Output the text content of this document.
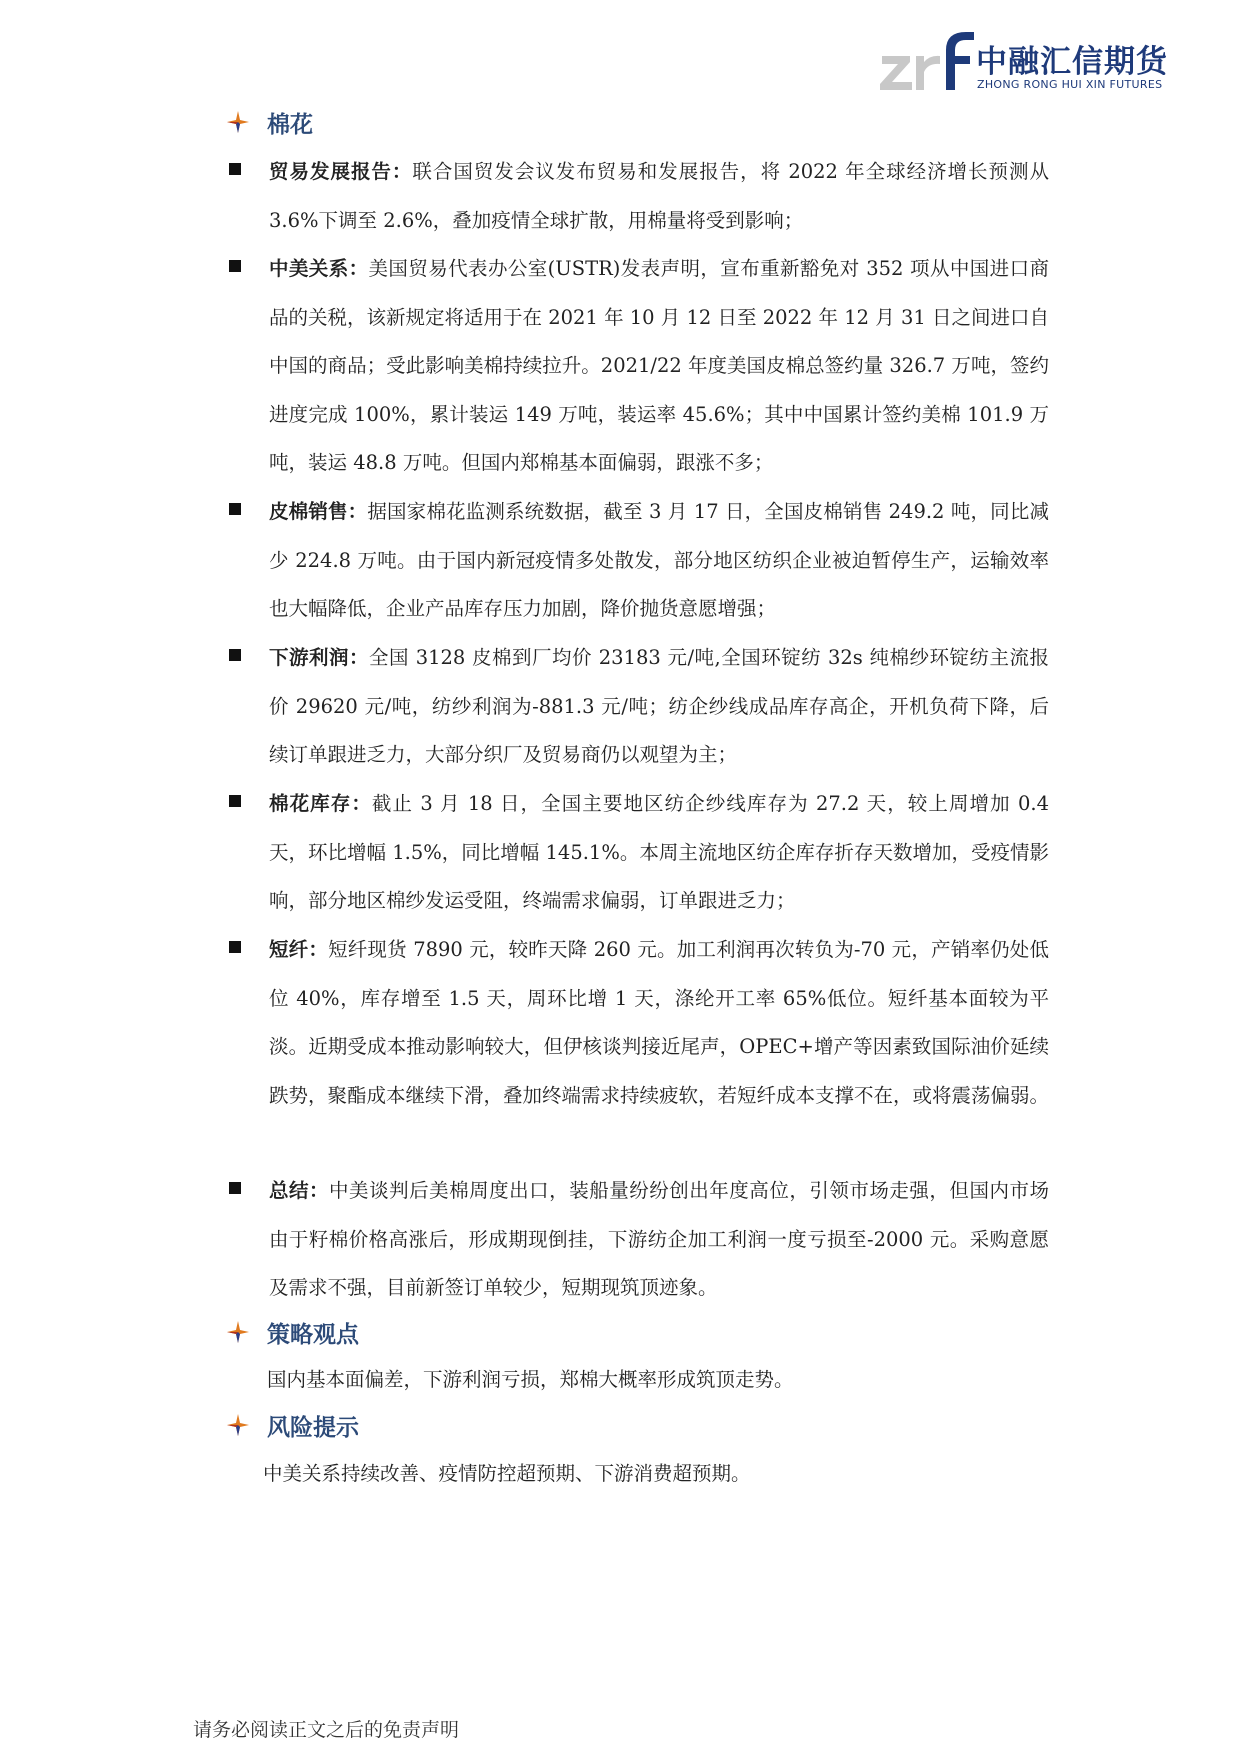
中融汇信期货
ZHONG RONG HUI XIN FUTURES
棉花
贸易发展报告：联合国贸发会议发布贸易和发展报告，将 2022 年全球经济增长预测从 3.6%下调至 2.6%，叠加疫情全球扩散，用棉量将受到影响；
中美关系：美国贸易代表办公室(USTR)发表声明，宣布重新豁免对 352 项从中国进口商品的关税，该新规定将适用于在 2021 年 10 月 12 日至 2022 年 12 月 31 日之间进口自中国的商品；受此影响美棉持续拉升。2021/22 年度美国皮棉总签约量 326.7 万吨，签约进度完成 100%，累计装运 149 万吨，装运率 45.6%；其中中国累计签约美棉 101.9 万吨，装运 48.8 万吨。但国内郑棉基本面偏弱，跟涨不多；
皮棉销售：据国家棉花监测系统数据，截至 3 月 17 日，全国皮棉销售 249.2 吨，同比减少 224.8 万吨。由于国内新冠疫情多处散发，部分地区纺织企业被迫暂停生产，运输效率也大幅降低，企业产品库存压力加剧，降价抛货意愿增强；
下游利润：全国 3128 皮棉到厂均价 23183 元/吨,全国环锭纺 32s 纯棉纱环锭纺主流报价 29620 元/吨，纺纱利润为-881.3 元/吨；纺企纱线成品库存高企，开机负荷下降，后续订单跟进乏力，大部分织厂及贸易商仍以观望为主；
棉花库存：截止 3 月 18 日，全国主要地区纺企纱线库存为 27.2 天，较上周增加 0.4 天，环比增幅 1.5%，同比增幅 145.1%。本周主流地区纺企库存折存天数增加，受疫情影响，部分地区棉纱发运受阻，终端需求偏弱，订单跟进乏力；
短纤：短纤现货 7890 元，较昨天降 260 元。加工利润再次转负为-70 元，产销率仍处低位 40%，库存增至 1.5 天，周环比增 1 天，涤纶开工率 65%低位。短纤基本面较为平淡。近期受成本推动影响较大，但伊核谈判接近尾声，OPEC+增产等因素致国际油价延续跌势，聚酯成本继续下滑，叠加终端需求持续疲软，若短纤成本支撑不在，或将震荡偏弱。
总结：中美谈判后美棉周度出口，装船量纷纷创出年度高位，引领市场走强，但国内市场由于籽棉价格高涨后，形成期现倒挂，下游纺企加工利润一度亏损至-2000 元。采购意愿及需求不强，目前新签订单较少，短期现筑顶迹象。
策略观点
国内基本面偏差，下游利润亏损，郑棉大概率形成筑顶走势。
风险提示
中美关系持续改善、疫情防控超预期、下游消费超预期。
请务必阅读正文之后的免责声明
